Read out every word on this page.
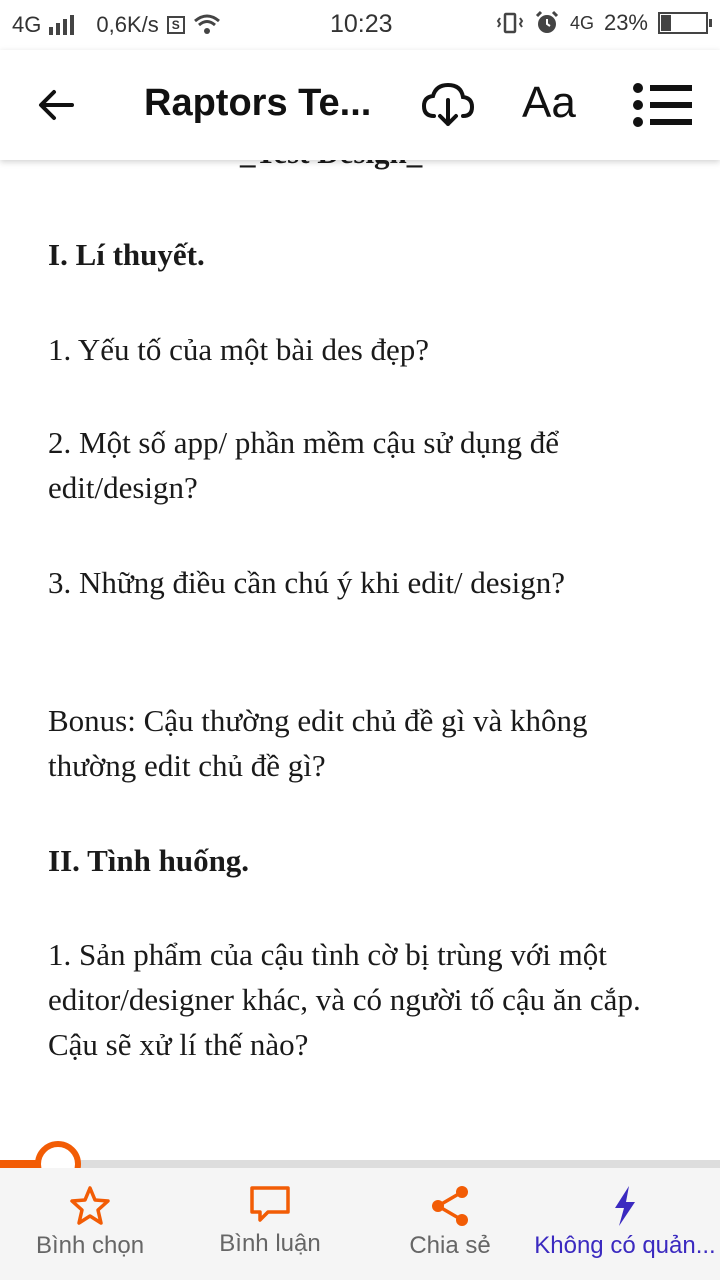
4G	0,6K/s	S	10:23	4G 23%
Raptors Te...	Aa

I. Lí thuyết.

1. Yếu tố của một bài des đẹp?

2. Một số app/ phần mềm cậu sử dụng để edit/design?

3. Những điều cần chú ý khi edit/ design?

Bonus: Cậu thường edit chủ đề gì và không thường edit chủ đề gì?

II. Tình huống.

1. Sản phẩm của cậu tình cờ bị trùng với một editor/designer khác, và có người tố cậu ăn cắp. Cậu sẽ xử lí thế nào?

Bình chọn	Bình luận	Chia sẻ	Không có quản...
